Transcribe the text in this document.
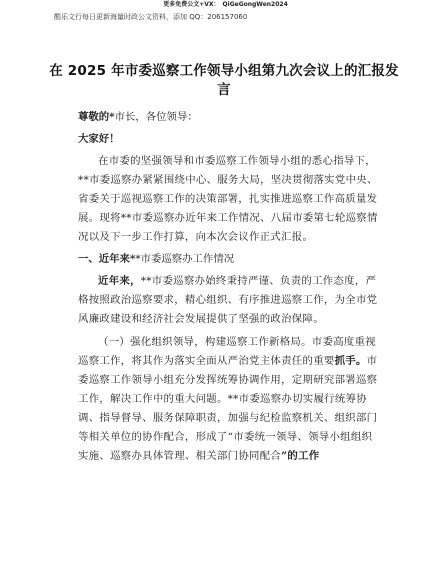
更多免费公文+VX： QiGeGongWen2024
酷乐文行每日更新海量时政公文资料，添加 QQ：206157060
在 2025 年市委巡察工作领导小组第九次会议上的汇报发言
尊敬的*市长，各位领导：
大家好！

在市委的坚强领导和市委巡察工作领导小组的悉心指导下，**市委巡察办紧紧围绕中心、服务大局，坚决贯彻落实党中央、省委关于巡视巡察工作的决策部署，扎实推进巡察工作高质量发展。现将**市委巡察办近年来工作情况、八届市委第七轮巡察情况以及下一步工作打算，向本次会议作正式汇报。

一、近年来**市委巡察办工作情况

近年来，**市委巡察办始终秉持严谨、负责的工作态度，严格按照政治巡察要求，精心组织、有序推进巡察工作，为全市党风廉政建设和经济社会发展提供了坚强的政治保障。

（一）强化组织领导，构建巡察工作新格局。市委高度重视巡察工作，将其作为落实全面从严治党主体责任的重要抓手。市委巡察工作领导小组充分发挥统筹协调作用，定期研究部署巡察工作，解决工作中的重大问题。**市委巡察办切实履行统筹协调、指导督导、服务保障职责，加强与纪检监察机关、组织部门等相关单位的协作配合，形成了“市委统一领导、领导小组组织实施、巡察办具体管理、相关部门协同配合”的工作
